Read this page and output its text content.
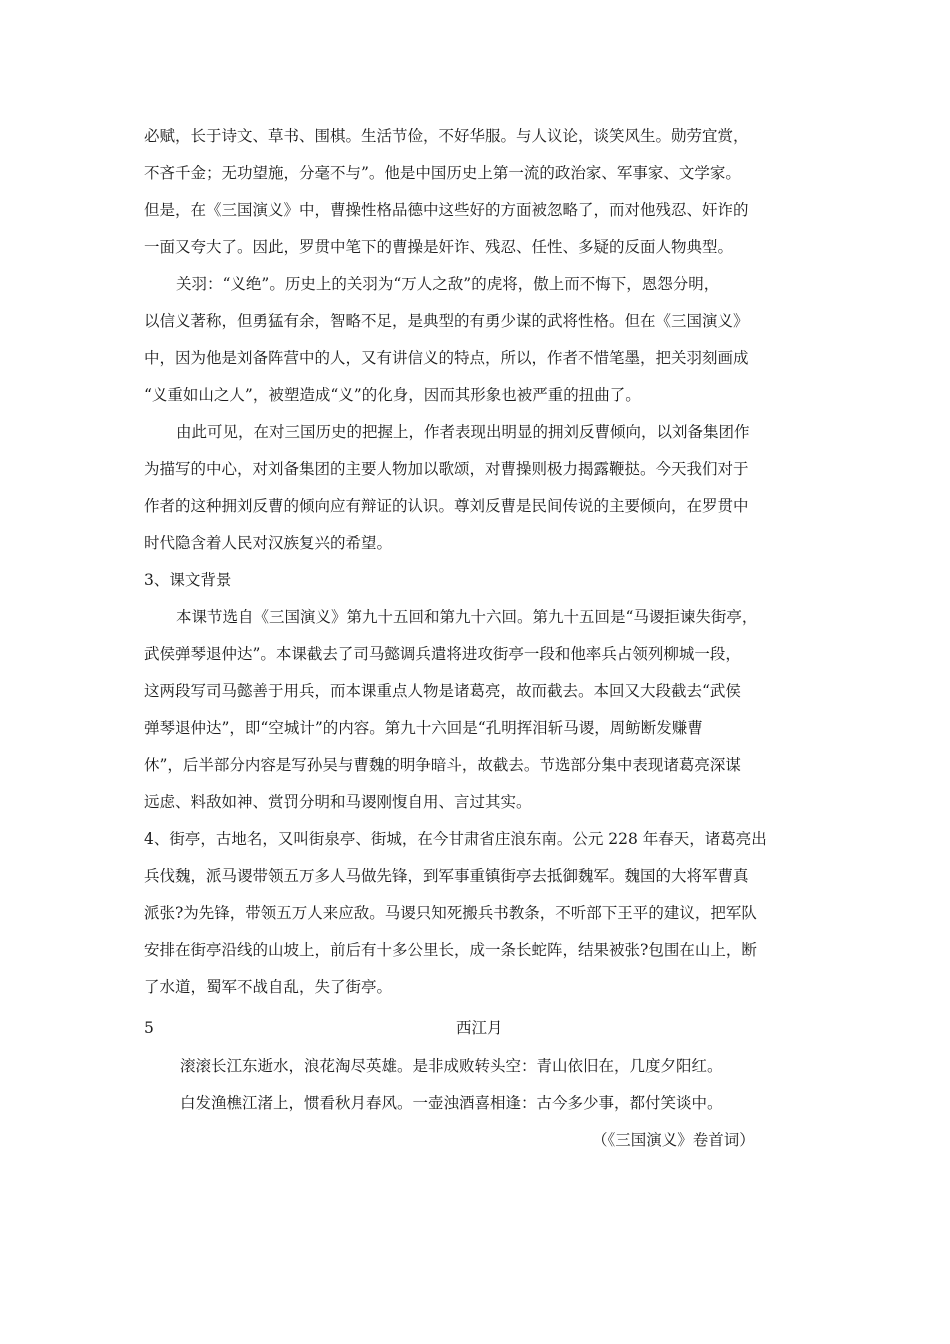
必赋，长于诗文、草书、围棋。生活节俭，不好华服。与人议论，谈笑风生。勋劳宜赏，
不吝千金；无功望施，分毫不与”。他是中国历史上第一流的政治家、军事家、文学家。
但是，在《三国演义》中，曹操性格品德中这些好的方面被忽略了，而对他残忍、奸诈的
一面又夸大了。因此，罗贯中笔下的曹操是奸诈、残忍、任性、多疑的反面人物典型。
关羽：“义绝”。历史上的关羽为“万人之敌”的虎将，傲上而不悔下，恩怨分明，
以信义著称，但勇猛有余，智略不足，是典型的有勇少谋的武将性格。但在《三国演义》
中，因为他是刘备阵营中的人，又有讲信义的特点，所以，作者不惜笔墨，把关羽刻画成
“义重如山之人”，被塑造成“义”的化身，因而其形象也被严重的扭曲了。
由此可见，在对三国历史的把握上，作者表现出明显的拥刘反曹倾向，以刘备集团作
为描写的中心，对刘备集团的主要人物加以歌颂，对曹操则极力揭露鞭挞。今天我们对于
作者的这种拥刘反曹的倾向应有辩证的认识。尊刘反曹是民间传说的主要倾向，在罗贯中
时代隐含着人民对汉族复兴的希望。
3、课文背景
本课节选自《三国演义》第九十五回和第九十六回。第九十五回是“马谡拒谏失街亭，
武侯弹琴退仲达”。本课截去了司马懿调兵遣将进攻街亭一段和他率兵占领列柳城一段，
这两段写司马懿善于用兵，而本课重点人物是诸葛亮，故而截去。本回又大段截去“武侯
弹琴退仲达”，即“空城计”的内容。第九十六回是“孔明挥泪斩马谡，周鲂断发赚曹
休”，后半部分内容是写孙吴与曹魏的明争暗斗，故截去。节选部分集中表现诸葛亮深谋
远虑、料敌如神、赏罚分明和马谡刚愎自用、言过其实。
4、街亭，古地名，又叫街泉亭、街城，在今甘肃省庄浪东南。公元 228 年春天，诸葛亮出
兵伐魏，派马谡带领五万多人马做先锋，到军事重镇街亭去抵御魏军。魏国的大将军曹真
派张?为先锋，带领五万人来应敌。马谡只知死搬兵书教条，不听部下王平的建议，把军队
安排在街亭沿线的山坡上，前后有十多公里长，成一条长蛇阵，结果被张?包围在山上，断
了水道，蜀军不战自乱，失了街亭。
5	西江月
滚滚长江东逝水，浪花淘尽英雄。是非成败转头空：青山依旧在，几度夕阳红。
白发渔樵江渚上，惯看秋月春风。一壶浊酒喜相逢：古今多少事，都付笑谈中。
（《三国演义》卷首词）
